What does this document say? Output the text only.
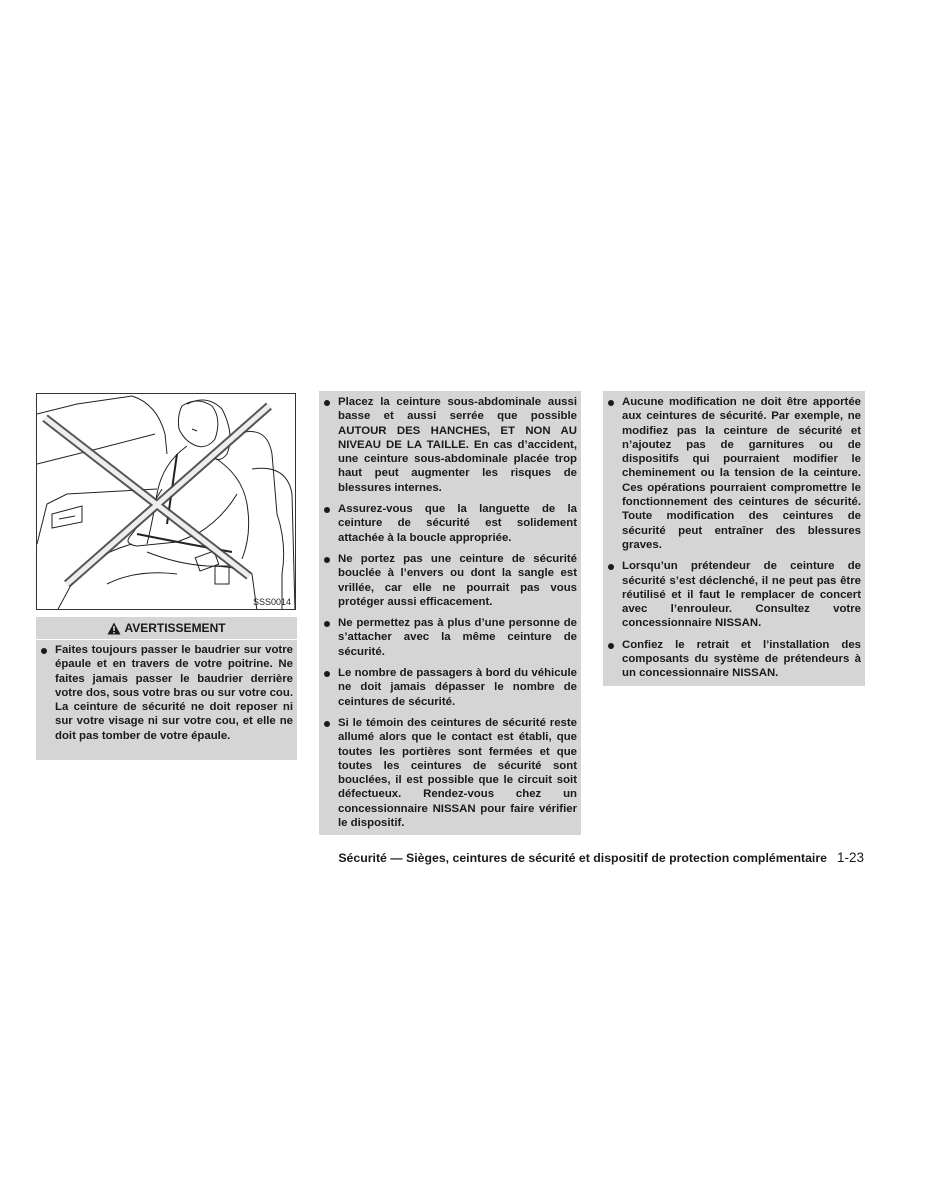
SSS0014
AVERTISSEMENT
Faites toujours passer le baudrier sur votre épaule et en travers de votre poitrine. Ne faites jamais passer le baudrier derrière votre dos, sous votre bras ou sur votre cou. La ceinture de sécurité ne doit reposer ni sur votre visage ni sur votre cou, et elle ne doit pas tomber de votre épaule.
Placez la ceinture sous-abdominale aussi basse et aussi serrée que possible AUTOUR DES HANCHES, ET NON AU NIVEAU DE LA TAILLE. En cas d’accident, une ceinture sous-abdominale placée trop haut peut augmenter les risques de blessures internes.
Assurez-vous que la languette de la ceinture de sécurité est solidement attachée à la boucle appropriée.
Ne portez pas une ceinture de sécurité bouclée à l’envers ou dont la sangle est vrillée, car elle ne pourrait pas vous protéger aussi efficacement.
Ne permettez pas à plus d’une personne de s’attacher avec la même ceinture de sécurité.
Le nombre de passagers à bord du véhicule ne doit jamais dépasser le nombre de ceintures de sécurité.
Si le témoin des ceintures de sécurité reste allumé alors que le contact est établi, que toutes les portières sont fermées et que toutes les ceintures de sécurité sont bouclées, il est possible que le circuit soit défectueux. Rendez-vous chez un concessionnaire NISSAN pour faire vérifier le dispositif.
Aucune modification ne doit être apportée aux ceintures de sécurité. Par exemple, ne modifiez pas la ceinture de sécurité et n’ajoutez pas de garnitures ou de dispositifs qui pourraient modifier le cheminement ou la tension de la ceinture. Ces opérations pourraient compromettre le fonctionnement des ceintures de sécurité. Toute modification des ceintures de sécurité peut entraîner des blessures graves.
Lorsqu’un prétendeur de ceinture de sécurité s’est déclenché, il ne peut pas être réutilisé et il faut le remplacer de concert avec l’enrouleur. Consultez votre concessionnaire NISSAN.
Confiez le retrait et l’installation des composants du système de prétendeurs à un concessionnaire NISSAN.
Sécurité — Sièges, ceintures de sécurité et dispositif de protection complémentaire 1-23
